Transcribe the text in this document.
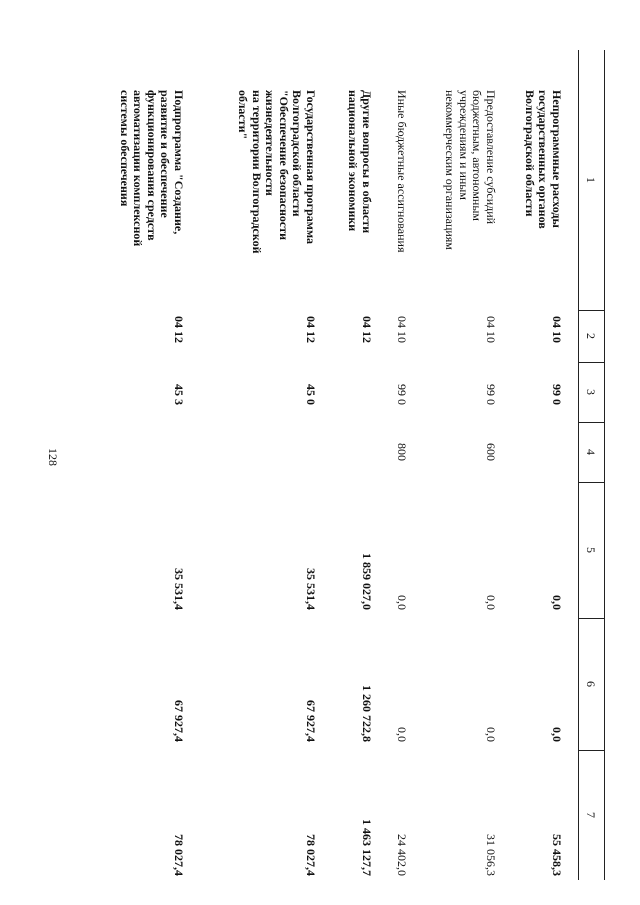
128
1
2
3
4
5
6
7
Непрограммные расходы
государственных органов
Волгоградской области
04 10
99 0
0,0
0,0
55 458,3
Предоставление субсидий
бюджетным, автономным
учреждениям и иным
некоммерческим организациям
04 10
99 0
600
0,0
0,0
31 056,3
Иные бюджетные ассигнования
04 10
99 0
800
0,0
0,0
24 402,0
Другие вопросы в области
национальной экономики
04 12
1 859 027,0
1 260 722,8
1 463 127,7
Государственная программа
Волгоградской области
"Обеспечение безопасности
жизнедеятельности
на территории Волгоградской
области"
04 12
45 0
35 531,4
67 927,4
78 027,4
Подпрограмма "Создание,
развитие и обеспечение
функционирования средств
автоматизации комплексной
системы обеспечения
04 12
45 3
35 531,4
67 927,4
78 027,4
